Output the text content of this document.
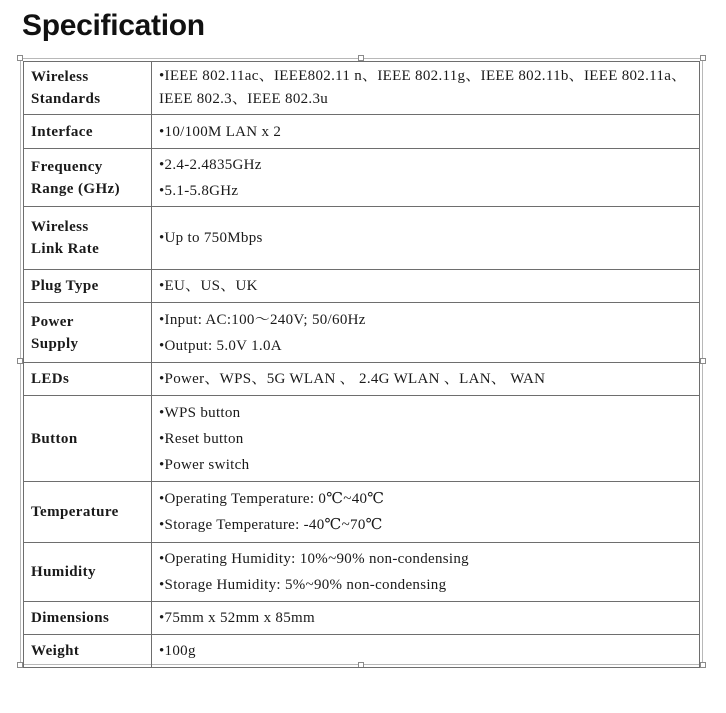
Specification
Wireless
Standards	•IEEE 802.11ac、IEEE802.11 n、IEEE 802.11g、IEEE 802.11b、IEEE 802.11a、IEEE 802.3、IEEE 802.3u

Interface	•10/100M LAN x 2

Frequency
Range (GHz)	•2.4-2.4835GHz
•5.1-5.8GHz

Wireless
Link Rate	•Up to 750Mbps

Plug Type	•EU、US、UK

Power
Supply	•Input: AC:100～240V; 50/60Hz
•Output: 5.0V 1.0A

LEDs	•Power、WPS、5G WLAN 、 2.4G WLAN 、LAN、 WAN

Button	•WPS button
•Reset button
•Power switch

Temperature	•Operating Temperature: 0℃~40℃
•Storage Temperature: -40℃~70℃

Humidity	•Operating Humidity: 10%~90% non-condensing
•Storage Humidity: 5%~90% non-condensing

Dimensions	•75mm x 52mm x 85mm

Weight	•100g
